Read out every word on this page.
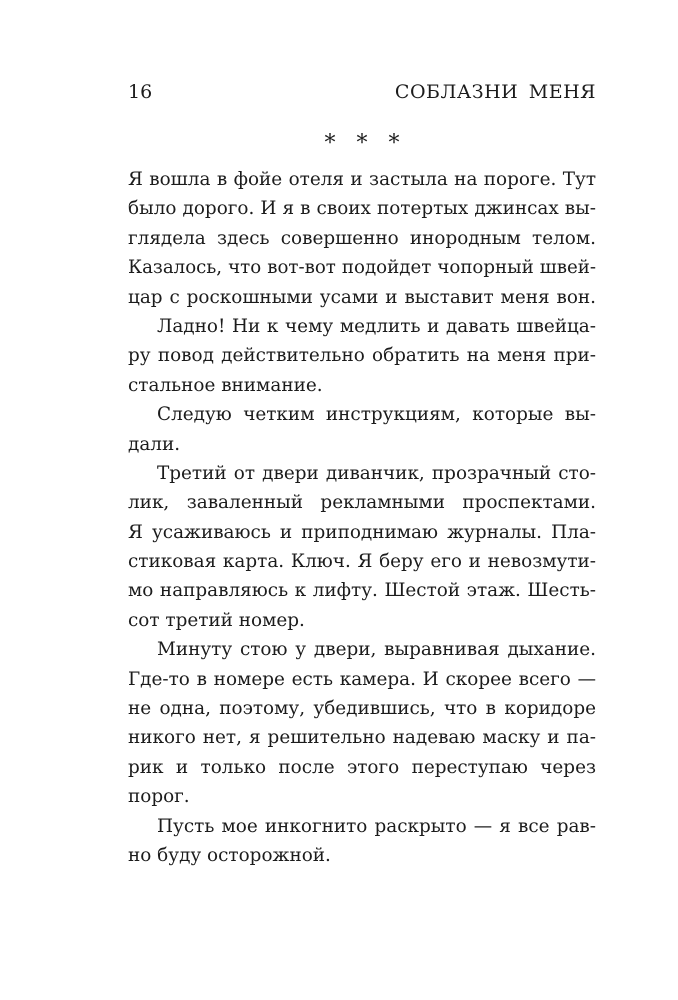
16	СОБЛАЗНИ МЕНЯ
* * *
Я вошла в фойе отеля и застыла на пороге. Тут
было дорого. И я в своих потертых джинсах вы-
глядела здесь совершенно инородным телом.
Казалось, что вот-вот подойдет чопорный швей-
цар с роскошными усами и выставит меня вон.
Ладно! Ни к чему медлить и давать швейца-
ру повод действительно обратить на меня при-
стальное внимание.
Следую четким инструкциям, которые вы-
дали.
Третий от двери диванчик, прозрачный сто-
лик, заваленный рекламными проспектами.
Я усаживаюсь и приподнимаю журналы. Пла-
стиковая карта. Ключ. Я беру его и невозмути-
мо направляюсь к лифту. Шестой этаж. Шесть-
сот третий номер.
Минуту стою у двери, выравнивая дыхание.
Где-то в номере есть камера. И скорее всего —
не одна, поэтому, убедившись, что в коридоре
никого нет, я решительно надеваю маску и па-
рик и только после этого переступаю через
порог.
Пусть мое инкогнито раскрыто — я все рав-
но буду осторожной.
